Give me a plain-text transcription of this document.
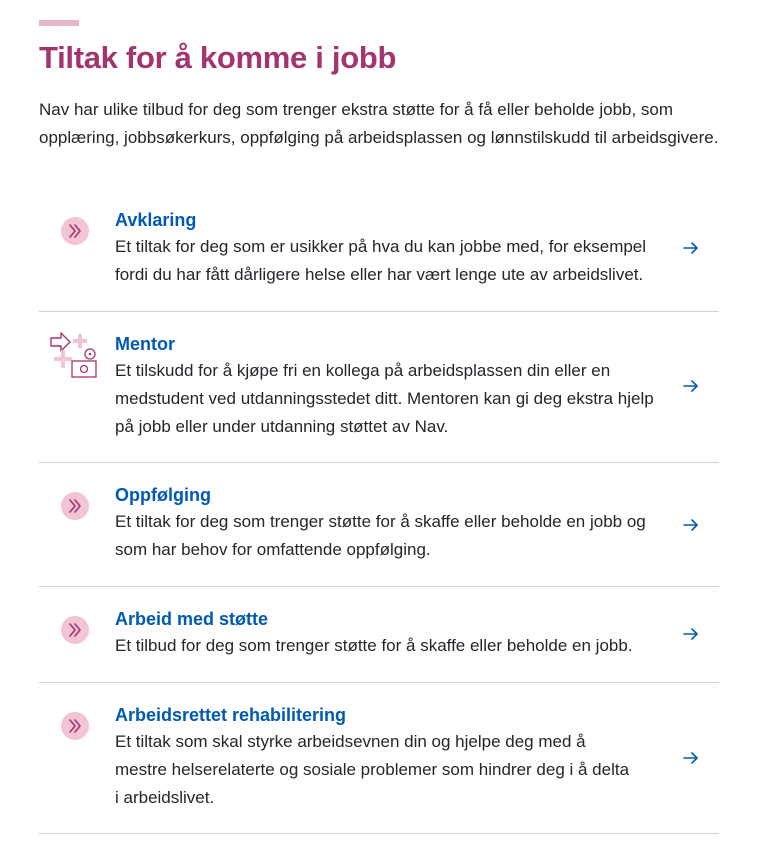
Tiltak for å komme i jobb

Nav har ulike tilbud for deg som trenger ekstra støtte for å få eller beholde jobb, som opplæring, jobbsøkerkurs, oppfølging på arbeidsplassen og lønnstilskudd til arbeidsgivere.

Avklaring
Et tiltak for deg som er usikker på hva du kan jobbe med, for eksempel fordi du har fått dårligere helse eller har vært lenge ute av arbeidslivet.
Mentor
Et tilskudd for å kjøpe fri en kollega på arbeidsplassen din eller en medstudent ved utdanningsstedet ditt. Mentoren kan gi deg ekstra hjelp på jobb eller under utdanning støttet av Nav.
Oppfølging
Et tiltak for deg som trenger støtte for å skaffe eller beholde en jobb og som har behov for omfattende oppfølging.
Arbeid med støtte
Et tilbud for deg som trenger støtte for å skaffe eller beholde en jobb.
Arbeidsrettet rehabilitering
Et tiltak som skal styrke arbeidsevnen din og hjelpe deg med å mestre helserelaterte og sosiale problemer som hindrer deg i å delta i arbeidslivet.
